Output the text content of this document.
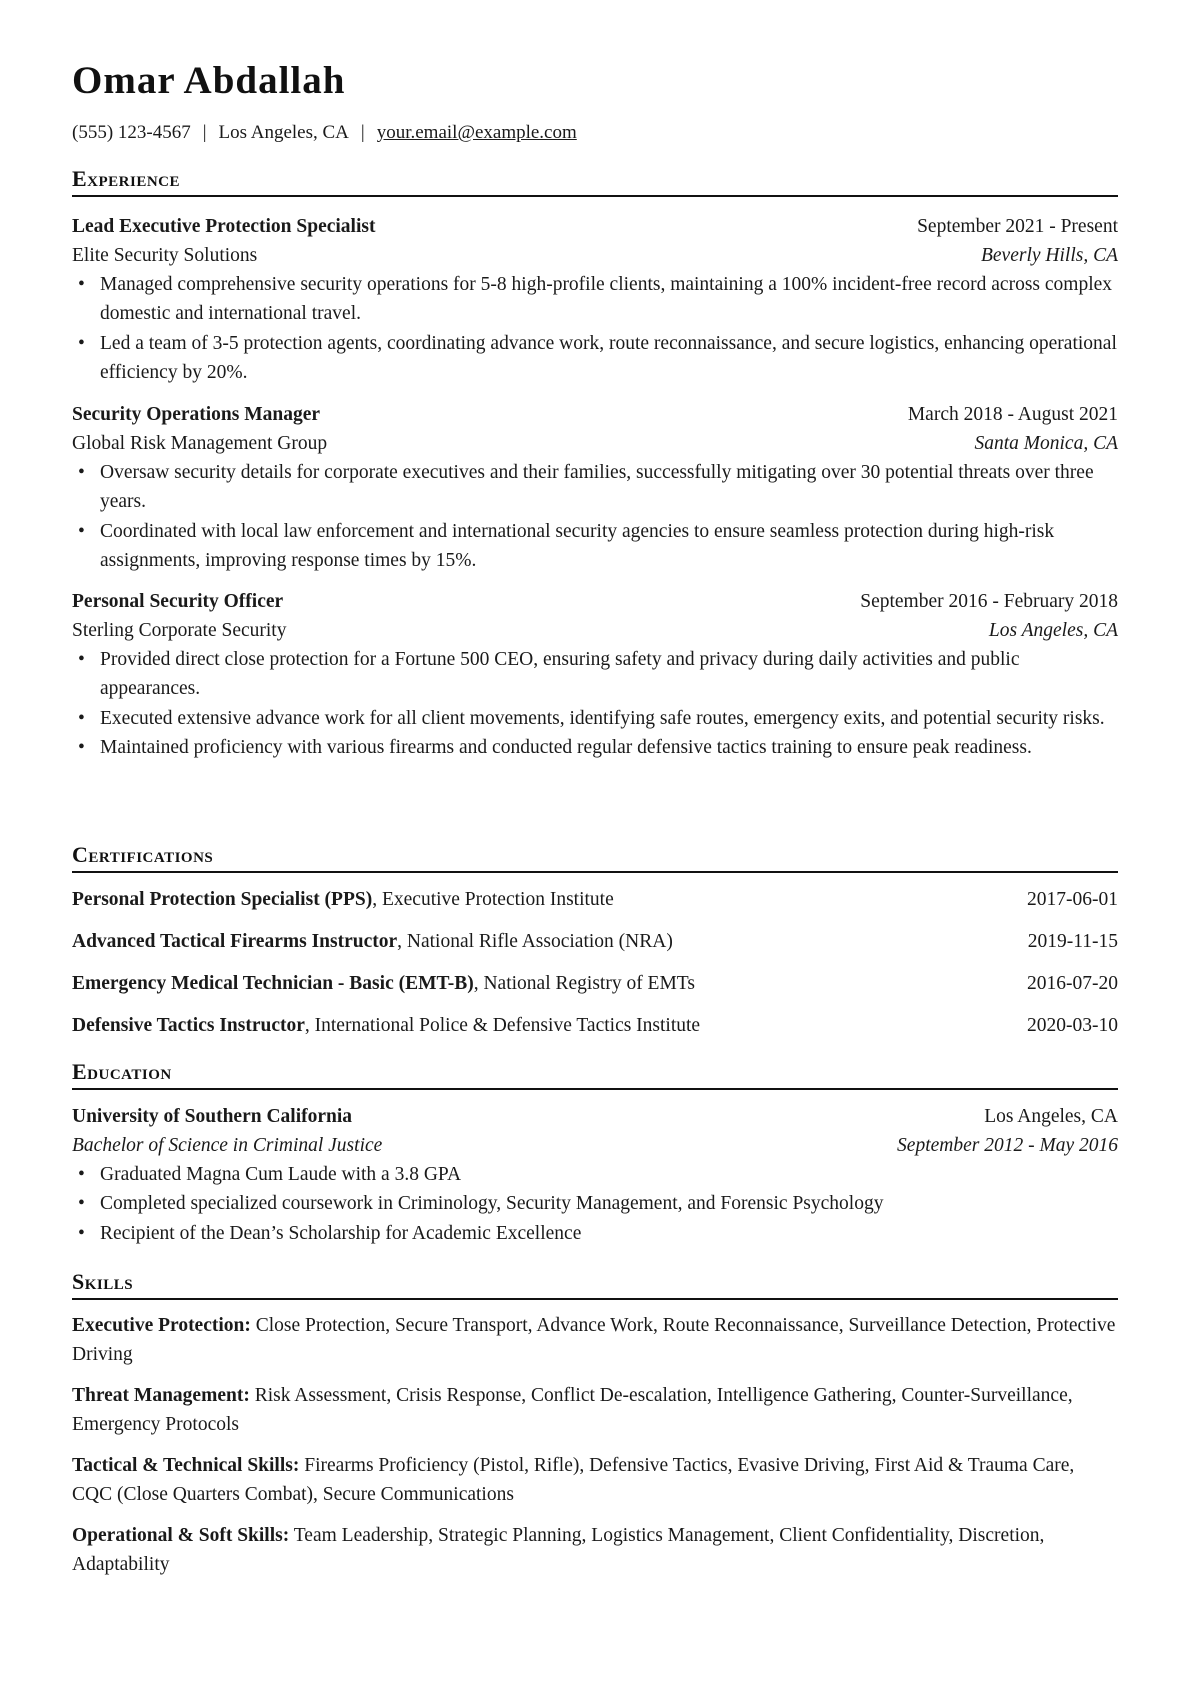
Omar Abdallah
(555) 123-4567 | Los Angeles, CA | your.email@example.com
Experience
Lead Executive Protection Specialist	September 2021 - Present
Elite Security Solutions	Beverly Hills, CA
• Managed comprehensive security operations for 5-8 high-profile clients, maintaining a 100% incident-free record across complex domestic and international travel.
• Led a team of 3-5 protection agents, coordinating advance work, route reconnaissance, and secure logistics, enhancing operational efficiency by 20%.
Security Operations Manager	March 2018 - August 2021
Global Risk Management Group	Santa Monica, CA
• Oversaw security details for corporate executives and their families, successfully mitigating over 30 potential threats over three years.
• Coordinated with local law enforcement and international security agencies to ensure seamless protection during high-risk assignments, improving response times by 15%.
Personal Security Officer	September 2016 - February 2018
Sterling Corporate Security	Los Angeles, CA
• Provided direct close protection for a Fortune 500 CEO, ensuring safety and privacy during daily activities and public appearances.
• Executed extensive advance work for all client movements, identifying safe routes, emergency exits, and potential security risks.
• Maintained proficiency with various firearms and conducted regular defensive tactics training to ensure peak readiness.
Certifications
Personal Protection Specialist (PPS), Executive Protection Institute	2017-06-01
Advanced Tactical Firearms Instructor, National Rifle Association (NRA)	2019-11-15
Emergency Medical Technician - Basic (EMT-B), National Registry of EMTs	2016-07-20
Defensive Tactics Instructor, International Police & Defensive Tactics Institute	2020-03-10
Education
University of Southern California	Los Angeles, CA
Bachelor of Science in Criminal Justice	September 2012 - May 2016
• Graduated Magna Cum Laude with a 3.8 GPA
• Completed specialized coursework in Criminology, Security Management, and Forensic Psychology
• Recipient of the Dean’s Scholarship for Academic Excellence
Skills
Executive Protection: Close Protection, Secure Transport, Advance Work, Route Reconnaissance, Surveillance Detection, Protective Driving
Threat Management: Risk Assessment, Crisis Response, Conflict De-escalation, Intelligence Gathering, Counter-Surveillance, Emergency Protocols
Tactical & Technical Skills: Firearms Proficiency (Pistol, Rifle), Defensive Tactics, Evasive Driving, First Aid & Trauma Care, CQC (Close Quarters Combat), Secure Communications
Operational & Soft Skills: Team Leadership, Strategic Planning, Logistics Management, Client Confidentiality, Discretion, Adaptability
